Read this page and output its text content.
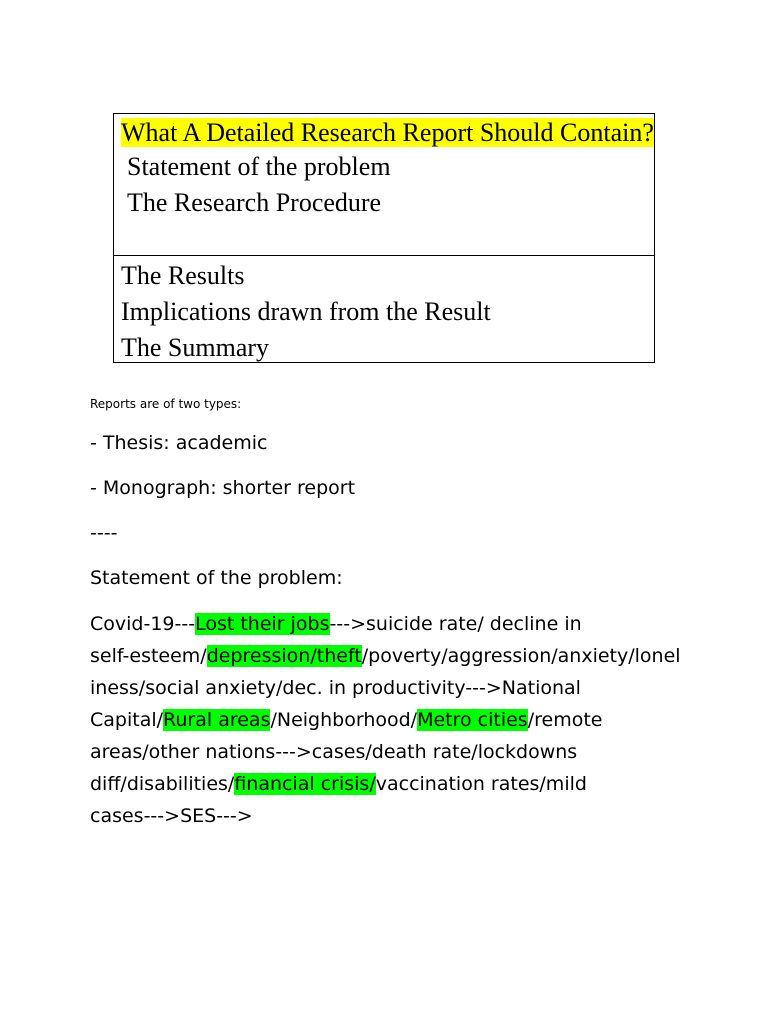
What A Detailed Research Report Should Contain?
Statement of the problem
The Research Procedure
The Results
Implications drawn from the Result
The Summary
Reports are of two types:
- Thesis: academic
- Monograph: shorter report
----
Statement of the problem:
Covid-19---Lost their jobs--->suicide rate/ decline in
self-esteem/depression/theft/poverty/aggression/anxiety/lonel
iness/social anxiety/dec. in productivity--->National
Capital/Rural areas/Neighborhood/Metro cities/remote
areas/other nations--->cases/death rate/lockdowns
diff/disabilities/financial crisis/vaccination rates/mild
cases--->SES--->
